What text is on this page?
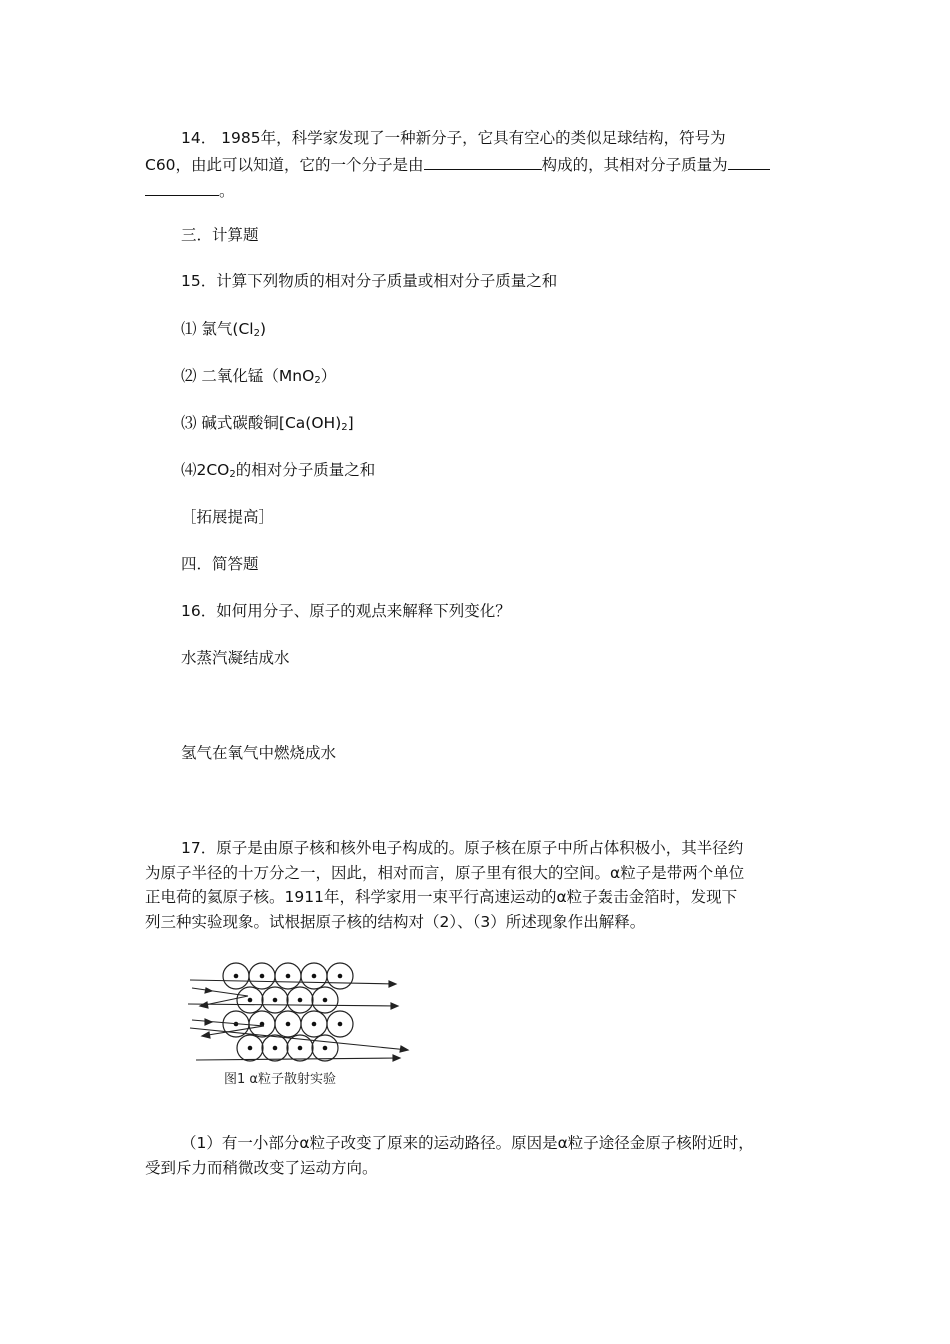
14． 1985年，科学家发现了一种新分子，它具有空心的类似足球结构，符号为
C60，由此可以知道，它的一个分子是由	构成的，其相对分子质量为
。
三．计算题
15．计算下列物质的相对分子质量或相对分子质量之和
⑴ 氯气$(Cl_2)$
⑵ 二氧化锰（MnO$_2$）
⑶ 碱式碳酸铜$[Ca(OH)_2]$
$⑷2CO_2$的相对分子质量之和
［拓展提高］
四．简答题
16．如何用分子、原子的观点来解释下列变化？
水蒸汽凝结成水
氢气在氧气中燃烧成水
17．原子是由原子核和核外电子构成的。原子核在原子中所占体积极小，其半径约
为原子半径的十万分之一，因此，相对而言，原子里有很大的空间。α粒子是带两个单位
正电荷的氦原子核。1911年，科学家用一束平行高速运动的α粒子轰击金箔时，发现下
列三种实验现象。试根据原子核的结构对（2）、（3）所述现象作出解释。
图1 α粒子散射实验
（1）有一小部分α粒子改变了原来的运动路径。原因是α粒子途径金原子核附近时，
受到斥力而稍微改变了运动方向。
